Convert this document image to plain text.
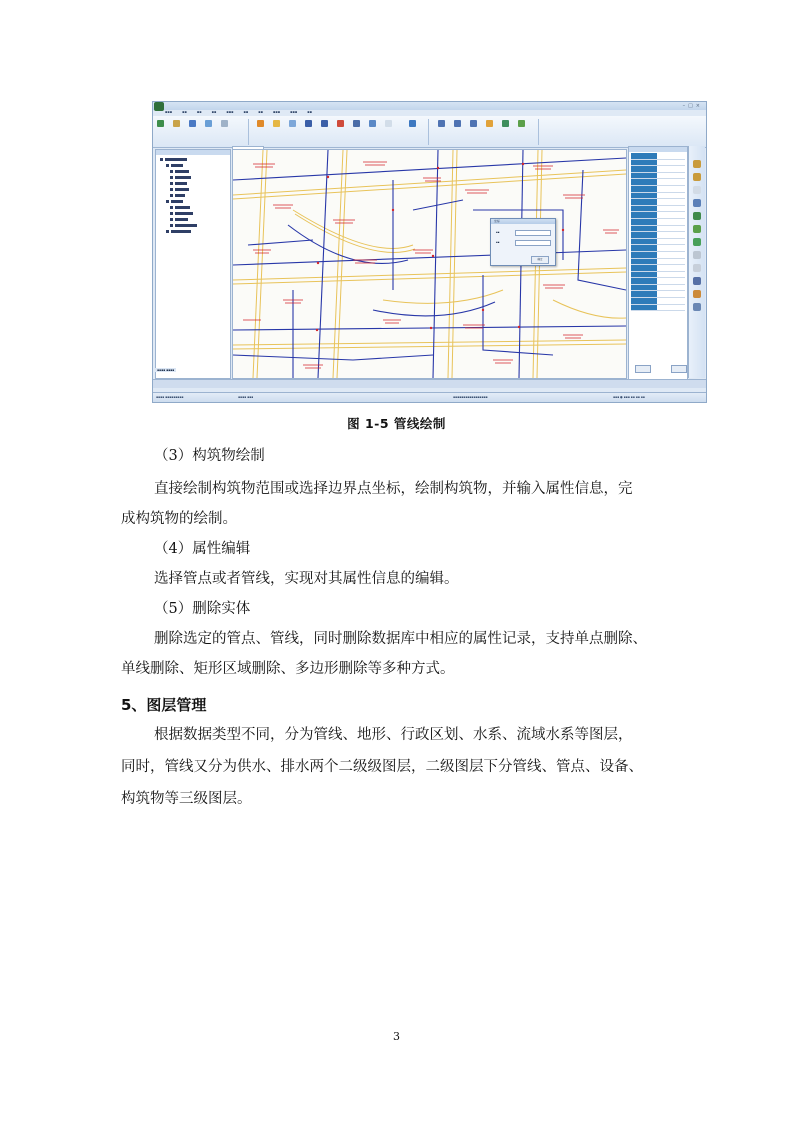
–□×
▪▪▪	▪▪	▪▪	▪▪	▪▪▪	▪▪	▪▪	▪▪▪	▪▪▪	▪▪
▪▪▪▪ ▪▪▪▪
坐标
▪▪
▪▪
确定
▪▪▪▪ ▪▪▪▪▪▪▪▪▪	▪▪▪▪ ▪▪▪	▪▪▪▪▪▪▪▪▪▪▪▪▪▪▪▪▪	▪▪▪ ● ▪▪▪ ▪▪ ▪▪ ▪▪
图 1-5 管线绘制
（3）构筑物绘制
直接绘制构筑物范围或选择边界点坐标，绘制构筑物，并输入属性信息，完
成构筑物的绘制。
（4）属性编辑
选择管点或者管线，实现对其属性信息的编辑。
（5）删除实体
删除选定的管点、管线，同时删除数据库中相应的属性记录，支持单点删除、
单线删除、矩形区域删除、多边形删除等多种方式。
5、图层管理
根据数据类型不同，分为管线、地形、行政区划、水系、流域水系等图层，
同时，管线又分为供水、排水两个二级级图层，二级图层下分管线、管点、设备、
构筑物等三级图层。
3
